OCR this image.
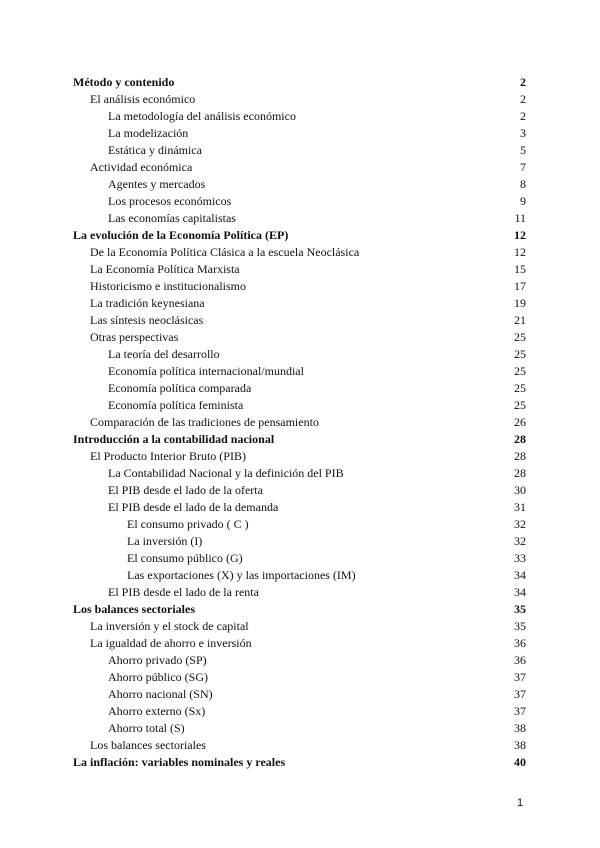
Método y contenido	2
El análisis económico	2
La metodología del análisis económico	2
La modelización	3
Estática y dinámica	5
Actividad económica	7
Agentes y mercados	8
Los procesos económicos	9
Las economías capitalistas	11
La evolución de la Economía Política (EP)	12
De la Economía Política Clásica a la escuela Neoclásica	12
La Economía Política Marxista	15
Historicismo e institucionalismo	17
La tradición keynesiana	19
Las síntesis neoclásicas	21
Otras perspectivas	25
La teoría del desarrollo	25
Economía política internacional/mundial	25
Economía política comparada	25
Economía política feminista	25
Comparación de las tradiciones de pensamiento	26
Introducción a la contabilidad nacional	28
El Producto Interior Bruto (PIB)	28
La Contabilidad Nacional y la definición del PIB	28
El PIB desde el lado de la oferta	30
El PIB desde el lado de la demanda	31
El consumo privado ( C )	32
La inversión (I)	32
El consumo público (G)	33
Las exportaciones (X) y las importaciones (IM)	34
El PIB desde el lado de la renta	34
Los balances sectoriales	35
La inversión y el stock de capital	35
La igualdad de ahorro e inversión	36
Ahorro privado (SP)	36
Ahorro público (SG)	37
Ahorro nacional (SN)	37
Ahorro externo (Sx)	37
Ahorro total (S)	38
Los balances sectoriales	38
La inflación: variables nominales y reales	40
1
